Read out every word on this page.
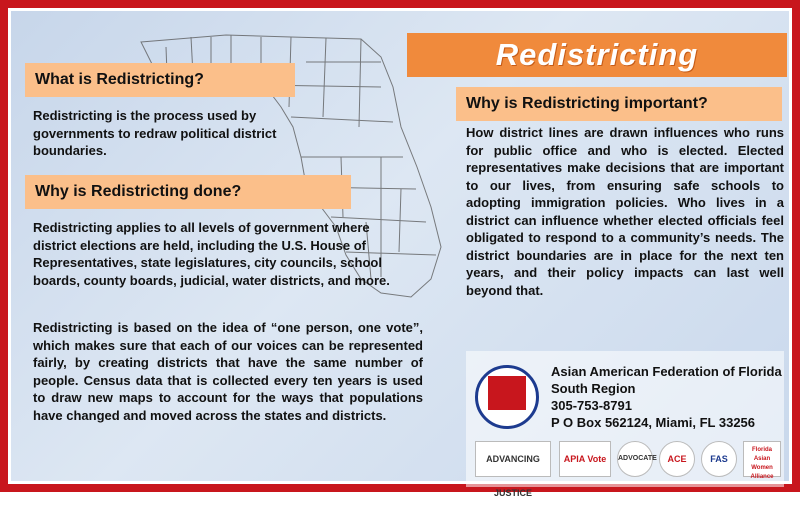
Redistricting
What is Redistricting?

Redistricting is the process used by governments to redraw political district boundaries.

Why is Redistricting done?

Redistricting applies to all levels of government where district elections are held, including the U.S. House of Representatives, state legislatures, city councils, school boards, county boards, judicial, water districts, and more.

Redistricting is based on the idea of “one person, one vote”, which makes sure that each of our voices can be represented fairly, by creating districts that have the same number of people. Census data that is collected every ten years is used to draw new maps to account for the ways that populations have changed and moved across the states and districts.

Why is Redistricting important?

How district lines are drawn influences who runs for public office and who is elected. Elected representatives make decisions that are important to our lives, from ensuring safe schools to adopting immigration policies. Who lives in a district can influence whether elected officials feel obligated to respond to a community’s needs. The district boundaries are in place for the next ten years, and their policy impacts can last well beyond that.

Asian American Federation of Florida
South Region
305-753-8791
P O Box 562124, Miami, FL 33256
ADVANCING JUSTICE
APIA Vote	ADVOCATE	ACE	FAS
Florida Asian Women Alliance
